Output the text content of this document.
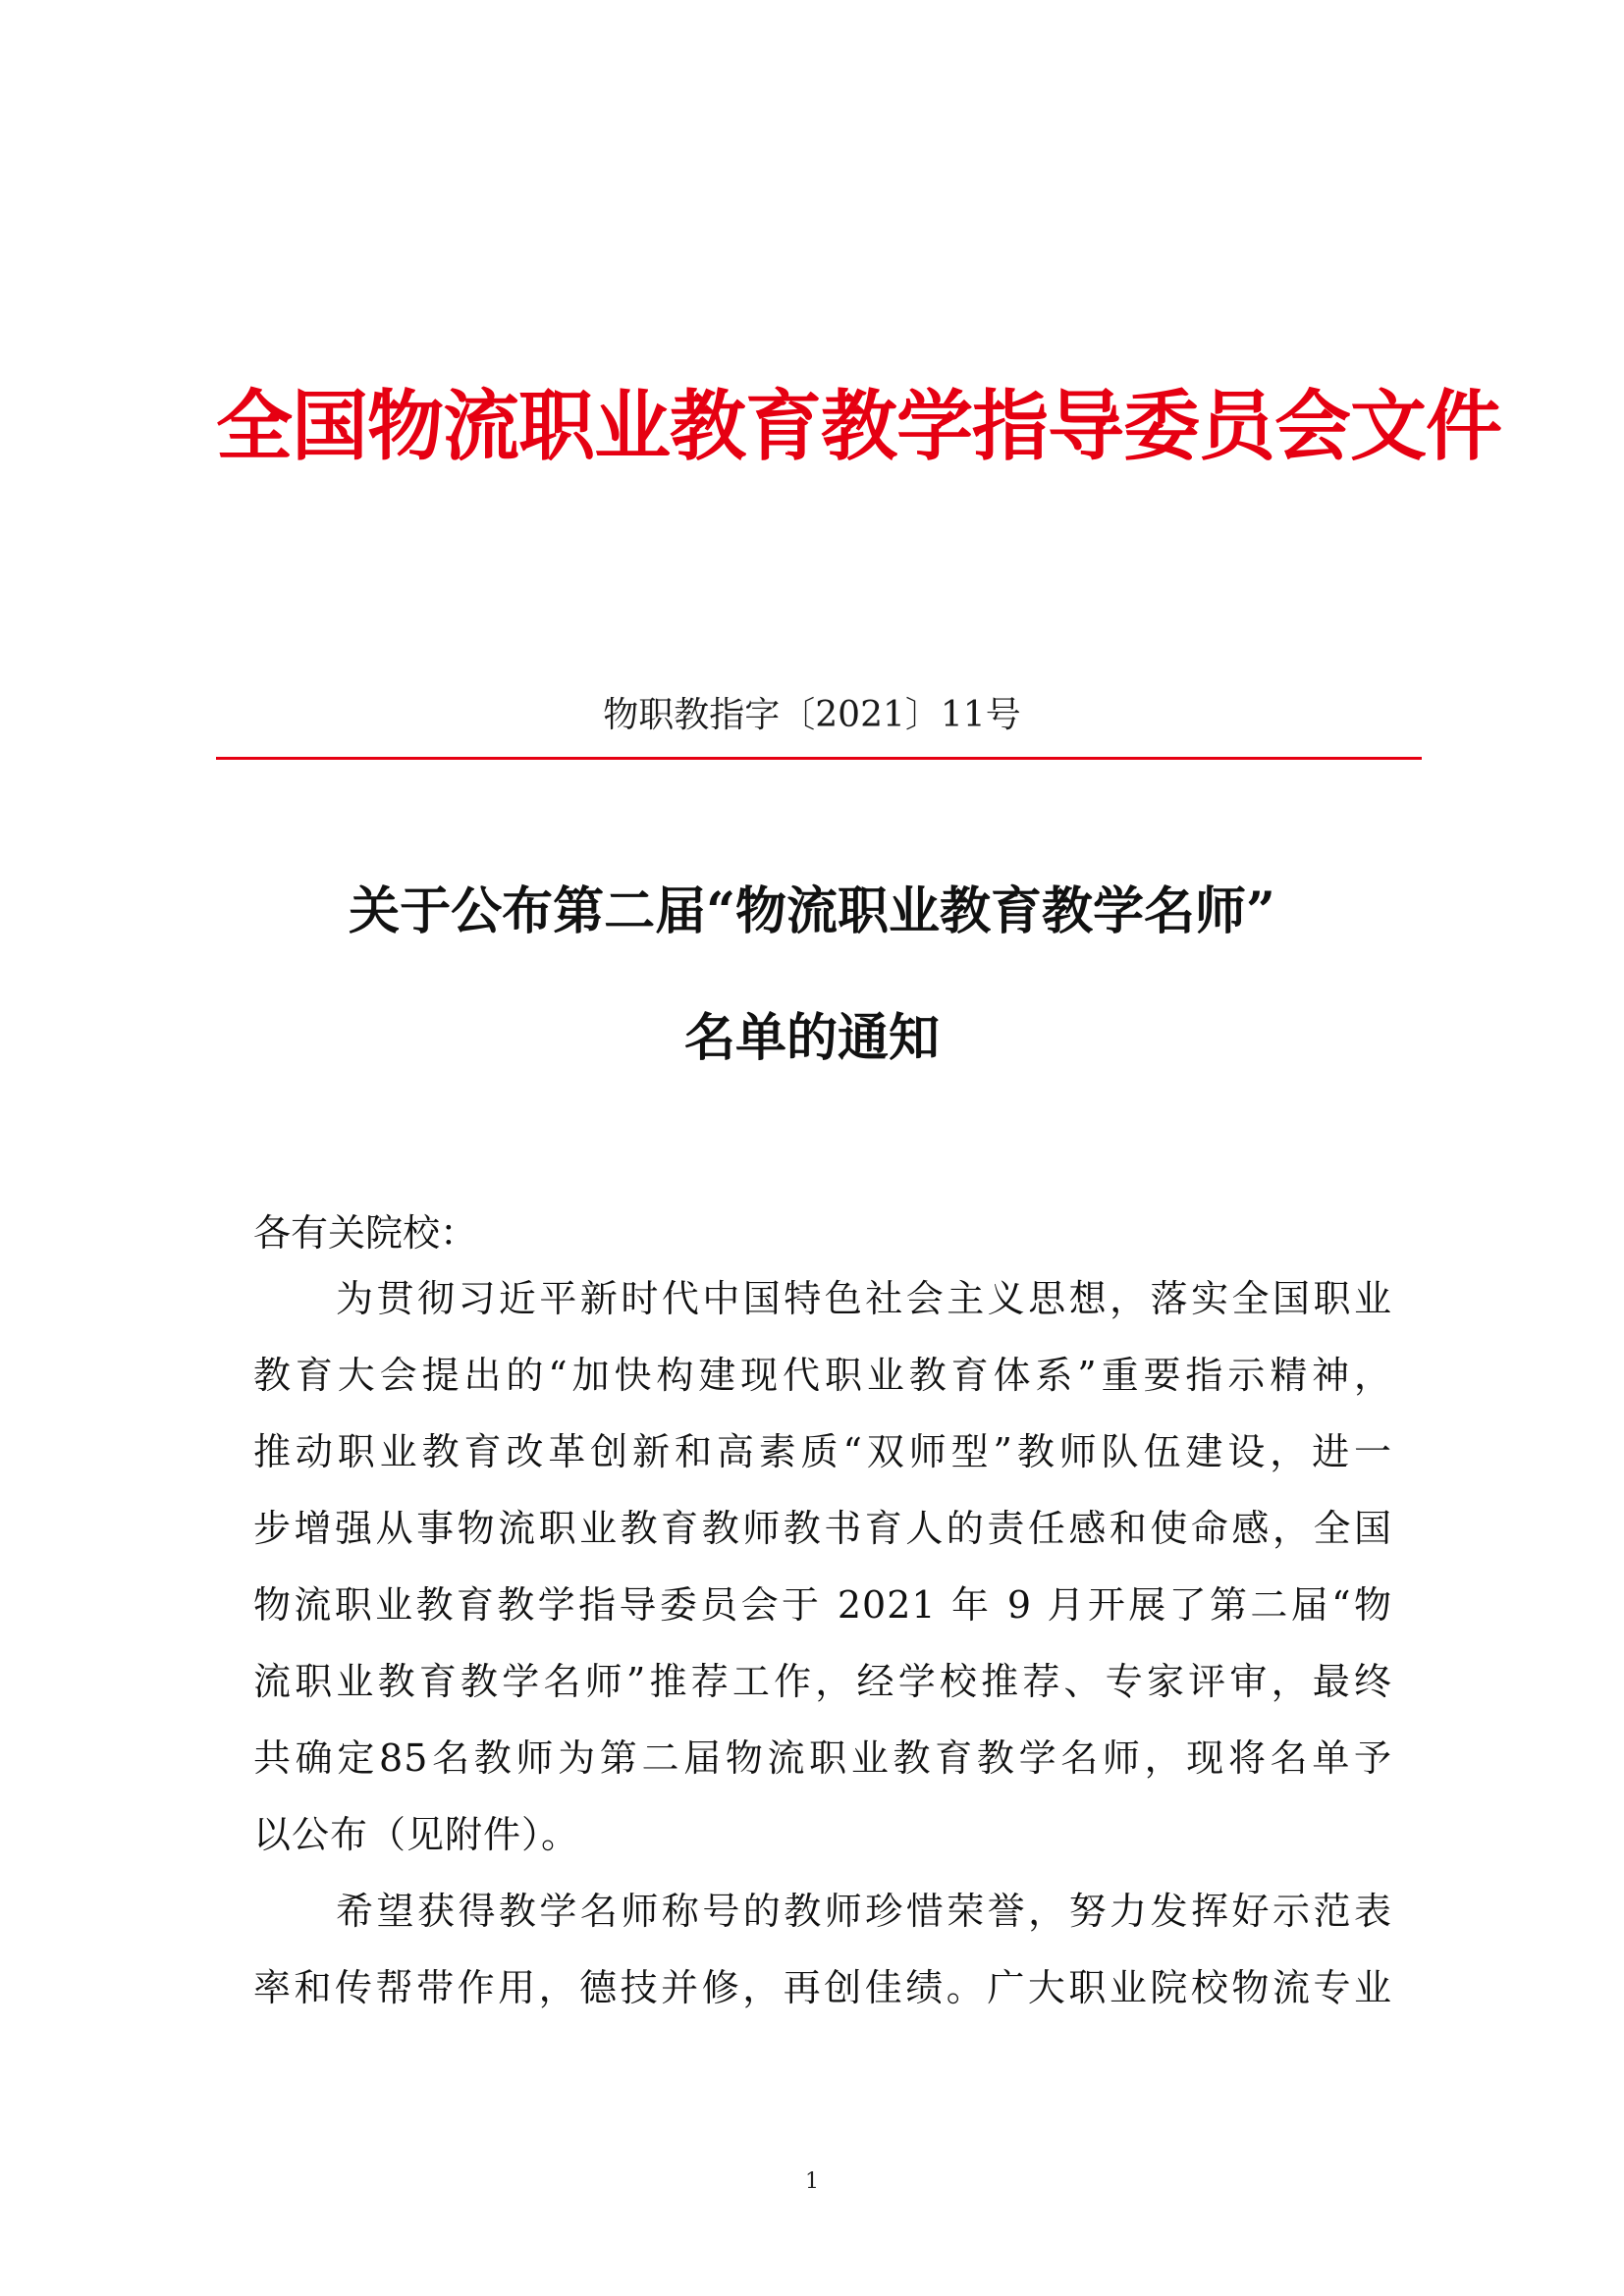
全国物流职业教育教学指导委员会文件
物职教指字〔2021〕11号
关于公布第二届“物流职业教育教学名师”
名单的通知
各有关院校：
为贯彻习近平新时代中国特色社会主义思想，落实全国职业
教育大会提出的“加快构建现代职业教育体系”重要指示精神，
推动职业教育改革创新和高素质“双师型”教师队伍建设，进一
步增强从事物流职业教育教师教书育人的责任感和使命感，全国
物流职业教育教学指导委员会于 2021 年 9 月开展了第二届“物
流职业教育教学名师”推荐工作，经学校推荐、专家评审，最终
共确定85名教师为第二届物流职业教育教学名师，现将名单予
以公布（见附件）。
希望获得教学名师称号的教师珍惜荣誉，努力发挥好示范表
率和传帮带作用，德技并修，再创佳绩。广大职业院校物流专业
1
